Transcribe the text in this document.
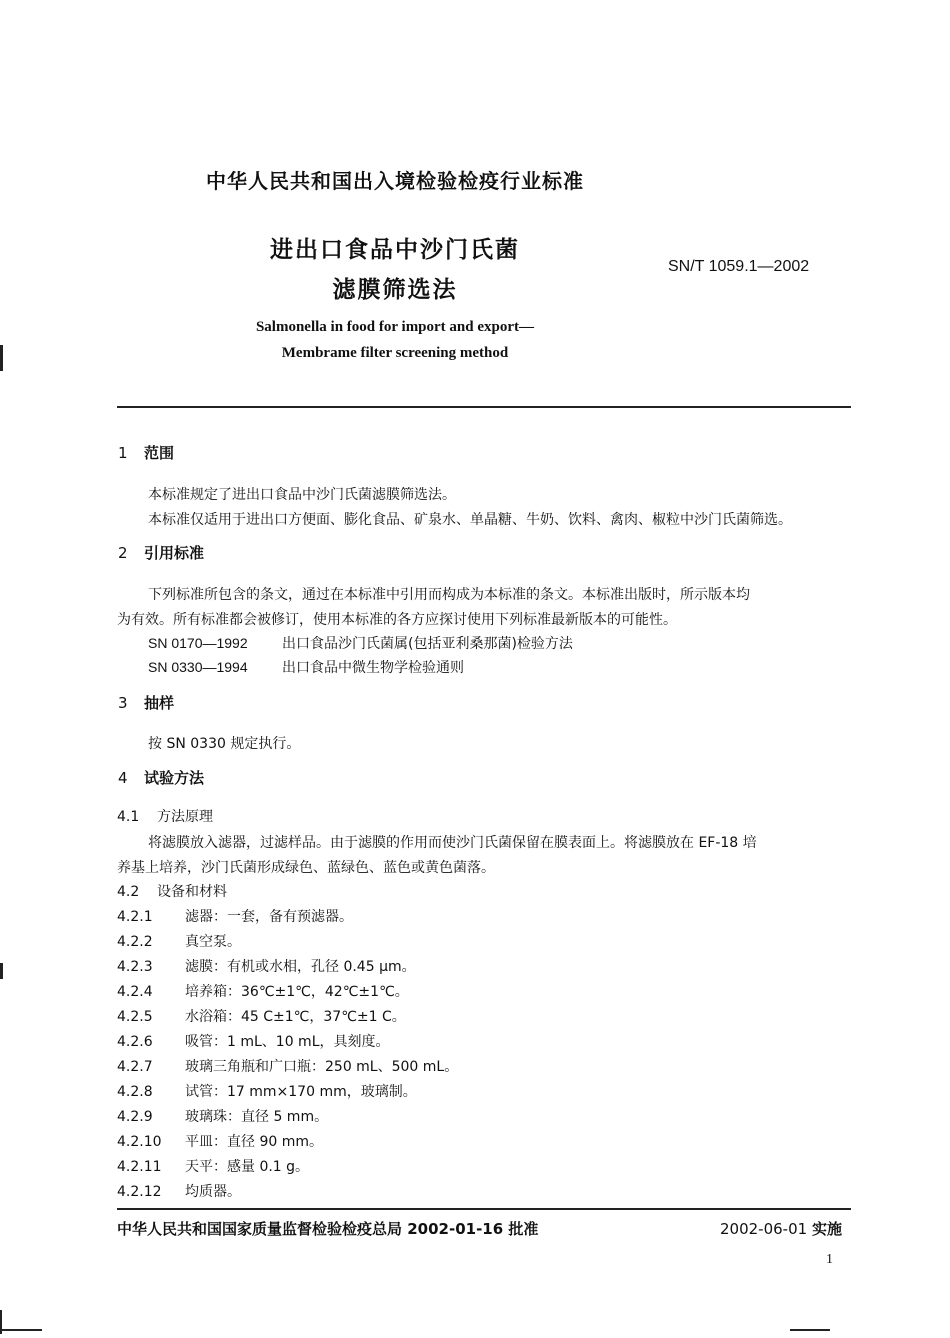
中华人民共和国出入境检验检疫行业标准
进出口食品中沙门氏菌
滤膜筛选法
SN/T 1059.1—2002
Salmonella in food for import and export—
Membrame filter screening method
1 范围
本标准规定了进出口食品中沙门氏菌滤膜筛选法。
本标准仅适用于进出口方便面、膨化食品、矿泉水、单晶糖、牛奶、饮料、禽肉、椒粒中沙门氏菌筛选。
2 引用标准
下列标准所包含的条文，通过在本标准中引用而构成为本标准的条文。本标准出版时，所示版本均
为有效。所有标准都会被修订，使用本标准的各方应探讨使用下列标准最新版本的可能性。
SN 0170—1992 出口食品沙门氏菌属(包括亚利桑那菌)检验方法
SN 0330—1994 出口食品中微生物学检验通则
3 抽样
按 SN 0330 规定执行。
4 试验方法
4.1 方法原理
将滤膜放入滤器，过滤样品。由于滤膜的作用而使沙门氏菌保留在膜表面上。将滤膜放在 EF-18 培
养基上培养，沙门氏菌形成绿色、蓝绿色、蓝色或黄色菌落。
4.2 设备和材料
4.2.1 滤器：一套，备有预滤器。
4.2.2 真空泵。
4.2.3 滤膜：有机或水相，孔径 0.45 μm。
4.2.4 培养箱：36℃±1℃，42℃±1℃。
4.2.5 水浴箱：45 C±1℃，37℃±1 C。
4.2.6 吸管：1 mL、10 mL，具刻度。
4.2.7 玻璃三角瓶和广口瓶：250 mL、500 mL。
4.2.8 试管：17 mm×170 mm，玻璃制。
4.2.9 玻璃珠：直径 5 mm。
4.2.10 平皿：直径 90 mm。
4.2.11 天平：感量 0.1 g。
4.2.12 均质器。
中华人民共和国国家质量监督检验检疫总局 2002-01-16 批准	2002-06-01 实施
1
